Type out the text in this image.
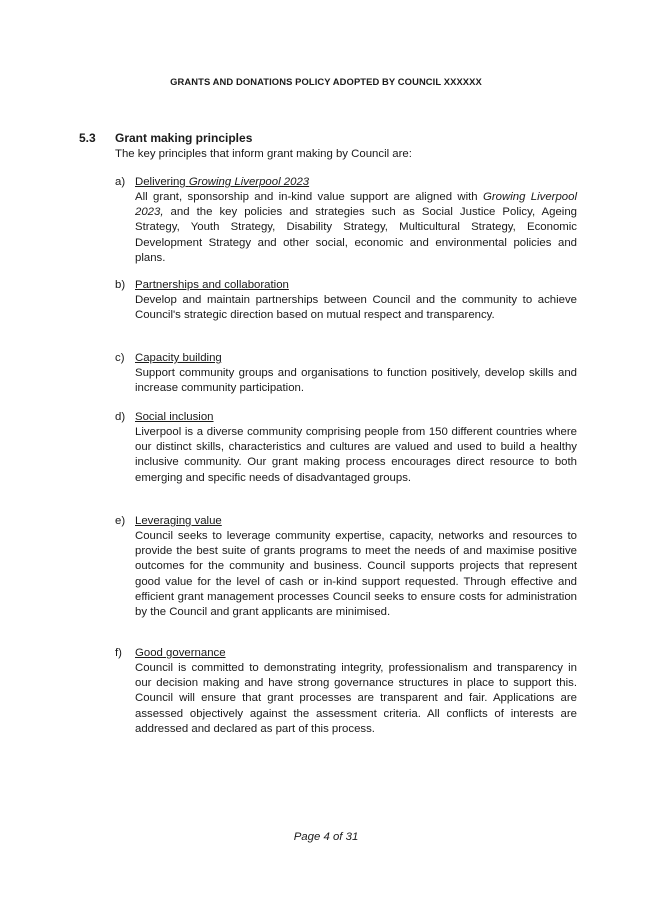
GRANTS AND DONATIONS POLICY ADOPTED BY COUNCIL XXXXXX
5.3 Grant making principles
The key principles that inform grant making by Council are:
a) Delivering Growing Liverpool 2023
All grant, sponsorship and in-kind value support are aligned with Growing Liverpool 2023, and the key policies and strategies such as Social Justice Policy, Ageing Strategy, Youth Strategy, Disability Strategy, Multicultural Strategy, Economic Development Strategy and other social, economic and environmental policies and plans.
b) Partnerships and collaboration
Develop and maintain partnerships between Council and the community to achieve Council's strategic direction based on mutual respect and transparency.
c) Capacity building
Support community groups and organisations to function positively, develop skills and increase community participation.
d) Social inclusion
Liverpool is a diverse community comprising people from 150 different countries where our distinct skills, characteristics and cultures are valued and used to build a healthy inclusive community. Our grant making process encourages direct resource to both emerging and specific needs of disadvantaged groups.
e) Leveraging value
Council seeks to leverage community expertise, capacity, networks and resources to provide the best suite of grants programs to meet the needs of and maximise positive outcomes for the community and business. Council supports projects that represent good value for the level of cash or in-kind support requested. Through effective and efficient grant management processes Council seeks to ensure costs for administration by the Council and grant applicants are minimised.
f) Good governance
Council is committed to demonstrating integrity, professionalism and transparency in our decision making and have strong governance structures in place to support this. Council will ensure that grant processes are transparent and fair. Applications are assessed objectively against the assessment criteria. All conflicts of interests are addressed and declared as part of this process.
Page 4 of 31
